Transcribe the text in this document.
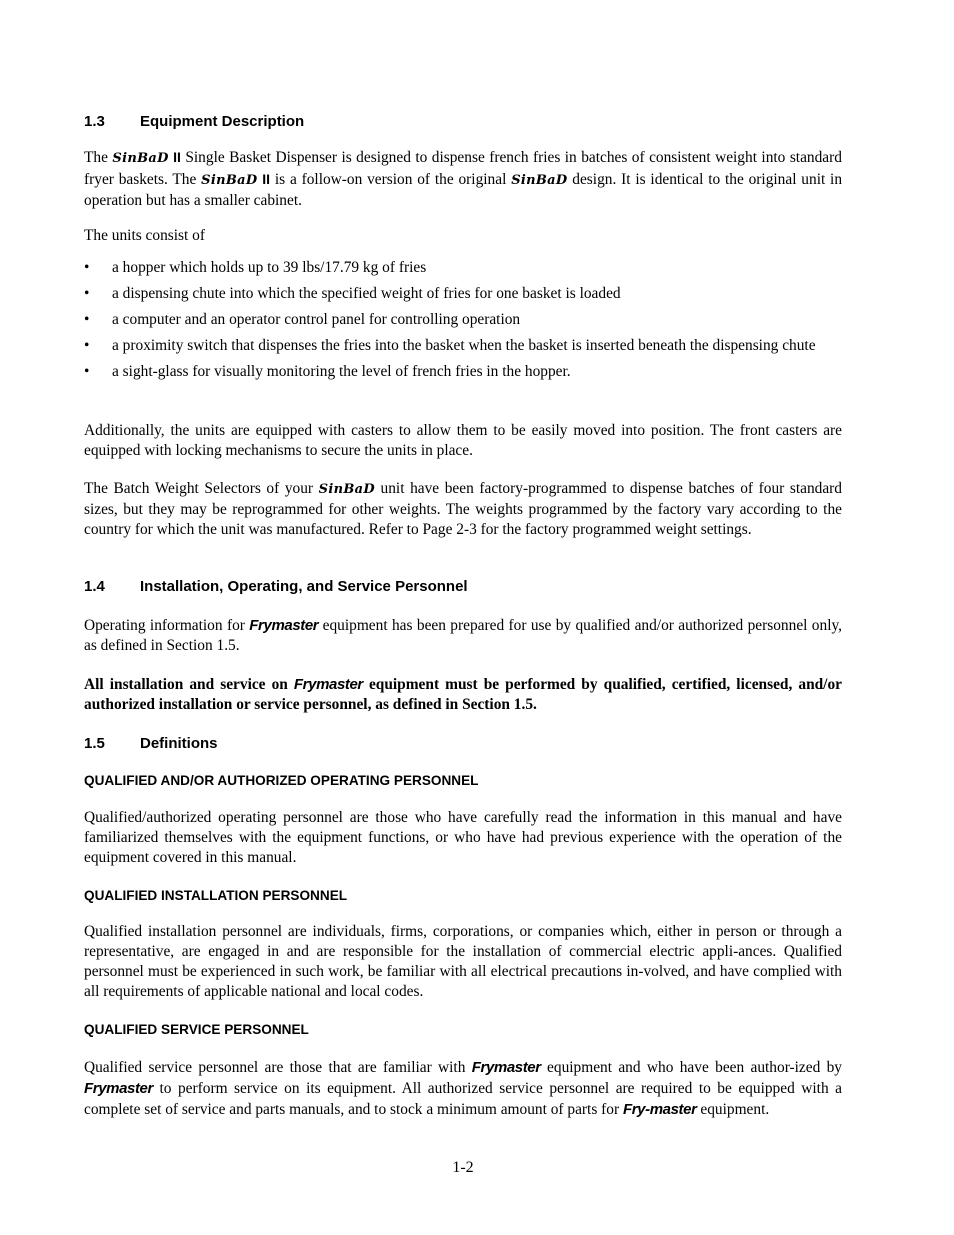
1.3 Equipment Description
The SinBaD II Single Basket Dispenser is designed to dispense french fries in batches of consistent weight into standard fryer baskets. The SinBaD II is a follow-on version of the original SinBaD design. It is identical to the original unit in operation but has a smaller cabinet.
The units consist of
• a hopper which holds up to 39 lbs/17.79 kg of fries
• a dispensing chute into which the specified weight of fries for one basket is loaded
• a computer and an operator control panel for controlling operation
• a proximity switch that dispenses the fries into the basket when the basket is inserted beneath the dispensing chute
• a sight-glass for visually monitoring the level of french fries in the hopper.
Additionally, the units are equipped with casters to allow them to be easily moved into position. The front casters are equipped with locking mechanisms to secure the units in place.
The Batch Weight Selectors of your SinBaD unit have been factory-programmed to dispense batches of four standard sizes, but they may be reprogrammed for other weights. The weights programmed by the factory vary according to the country for which the unit was manufactured. Refer to Page 2-3 for the factory programmed weight settings.
1.4 Installation, Operating, and Service Personnel
Operating information for Frymaster equipment has been prepared for use by qualified and/or authorized personnel only, as defined in Section 1.5.
All installation and service on Frymaster equipment must be performed by qualified, certified, licensed, and/or authorized installation or service personnel, as defined in Section 1.5.
1.5 Definitions
QUALIFIED AND/OR AUTHORIZED OPERATING PERSONNEL
Qualified/authorized operating personnel are those who have carefully read the information in this manual and have familiarized themselves with the equipment functions, or who have had previous experience with the operation of the equipment covered in this manual.
QUALIFIED INSTALLATION PERSONNEL
Qualified installation personnel are individuals, firms, corporations, or companies which, either in person or through a representative, are engaged in and are responsible for the installation of commercial electric appli-ances. Qualified personnel must be experienced in such work, be familiar with all electrical precautions in-volved, and have complied with all requirements of applicable national and local codes.
QUALIFIED SERVICE PERSONNEL
Qualified service personnel are those that are familiar with Frymaster equipment and who have been author-ized by Frymaster to perform service on its equipment. All authorized service personnel are required to be equipped with a complete set of service and parts manuals, and to stock a minimum amount of parts for Fry-master equipment.
1-2
